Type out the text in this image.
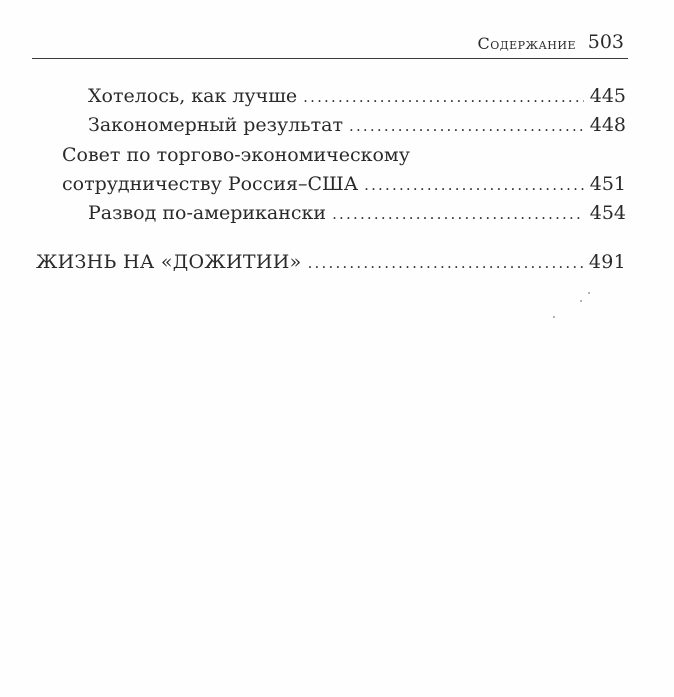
Содержание 503
Хотелось, как лучше .....	445
Закономерный результат .....	448
Совет по торгово-экономическому
сотрудничеству Россия–США .....	451
Развод по-американски .....	454
ЖИЗНЬ НА «ДОЖИТИИ» .....	491
